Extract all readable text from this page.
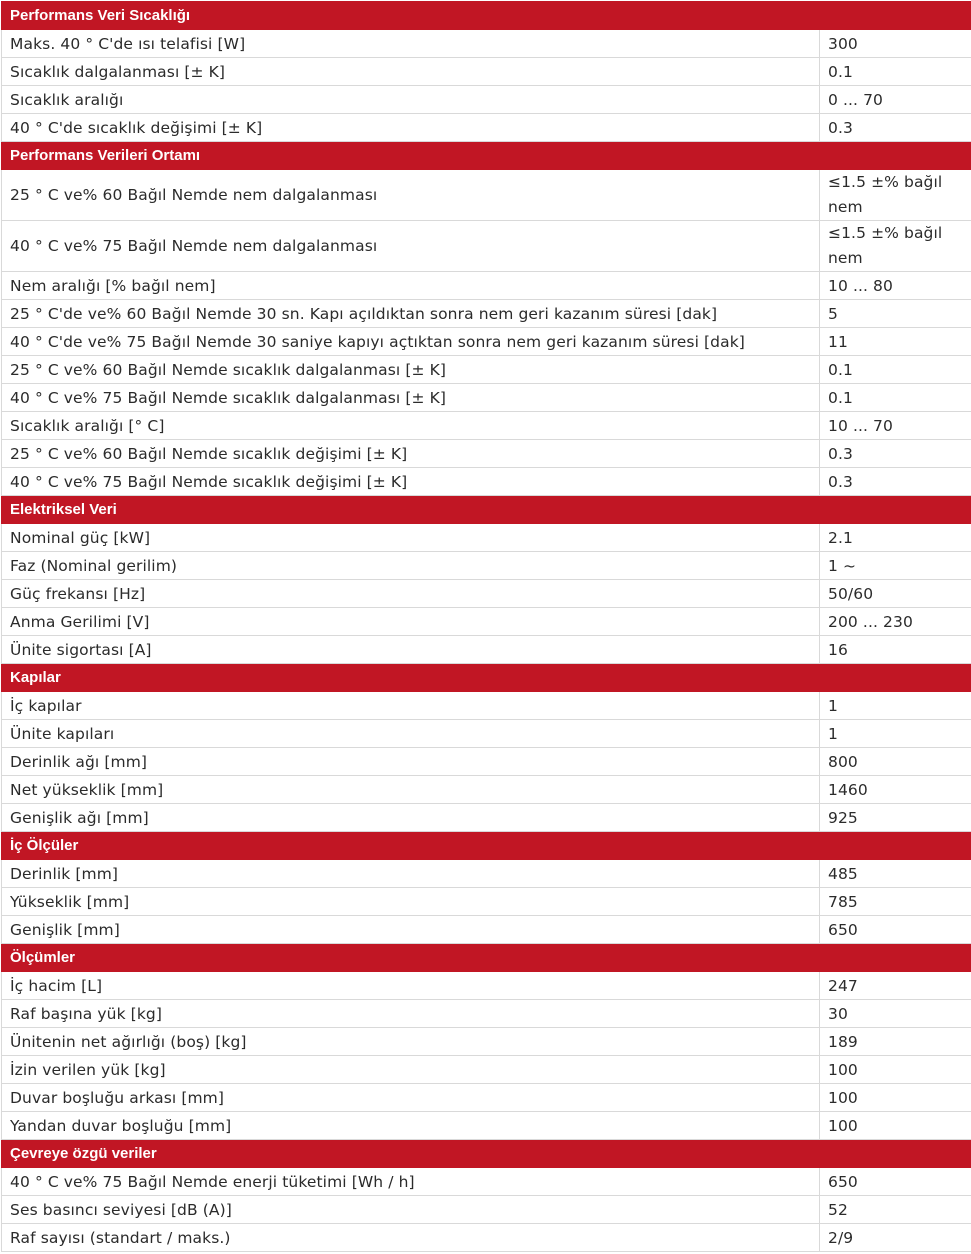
Performans Veri Sıcaklığı	
Maks. 40 ° C'de ısı telafisi [W]	300
Sıcaklık dalgalanması [± K]	0.1
Sıcaklık aralığı	0 ... 70
40 ° C'de sıcaklık değişimi [± K]	0.3
Performans Verileri Ortamı	
25 ° C ve% 60 Bağıl Nemde nem dalgalanması	≤1.5 ±% bağıl nem
40 ° C ve% 75 Bağıl Nemde nem dalgalanması	≤1.5 ±% bağıl nem
Nem aralığı [% bağıl nem]	10 ... 80
25 ° C'de ve% 60 Bağıl Nemde 30 sn. Kapı açıldıktan sonra nem geri kazanım süresi [dak]	5
40 ° C'de ve% 75 Bağıl Nemde 30 saniye kapıyı açtıktan sonra nem geri kazanım süresi [dak]	11
25 ° C ve% 60 Bağıl Nemde sıcaklık dalgalanması [± K]	0.1
40 ° C ve% 75 Bağıl Nemde sıcaklık dalgalanması [± K]	0.1
Sıcaklık aralığı [° C]	10 ... 70
25 ° C ve% 60 Bağıl Nemde sıcaklık değişimi [± K]	0.3
40 ° C ve% 75 Bağıl Nemde sıcaklık değişimi [± K]	0.3
Elektriksel Veri	
Nominal güç [kW]	2.1
Faz (Nominal gerilim)	1 ~
Güç frekansı [Hz]	50/60
Anma Gerilimi [V]	200 ... 230
Ünite sigortası [A]	16
Kapılar	
İç kapılar	1
Ünite kapıları	1
Derinlik ağı [mm]	800
Net yükseklik [mm]	1460
Genişlik ağı [mm]	925
İç Ölçüler	
Derinlik [mm]	485
Yükseklik [mm]	785
Genişlik [mm]	650
Ölçümler	
İç hacim [L]	247
Raf başına yük [kg]	30
Ünitenin net ağırlığı (boş) [kg]	189
İzin verilen yük [kg]	100
Duvar boşluğu arkası [mm]	100
Yandan duvar boşluğu [mm]	100
Çevreye özgü veriler	
40 ° C ve% 75 Bağıl Nemde enerji tüketimi [Wh / h]	650
Ses basıncı seviyesi [dB (A)]	52
Raf sayısı (standart / maks.)	2/9
